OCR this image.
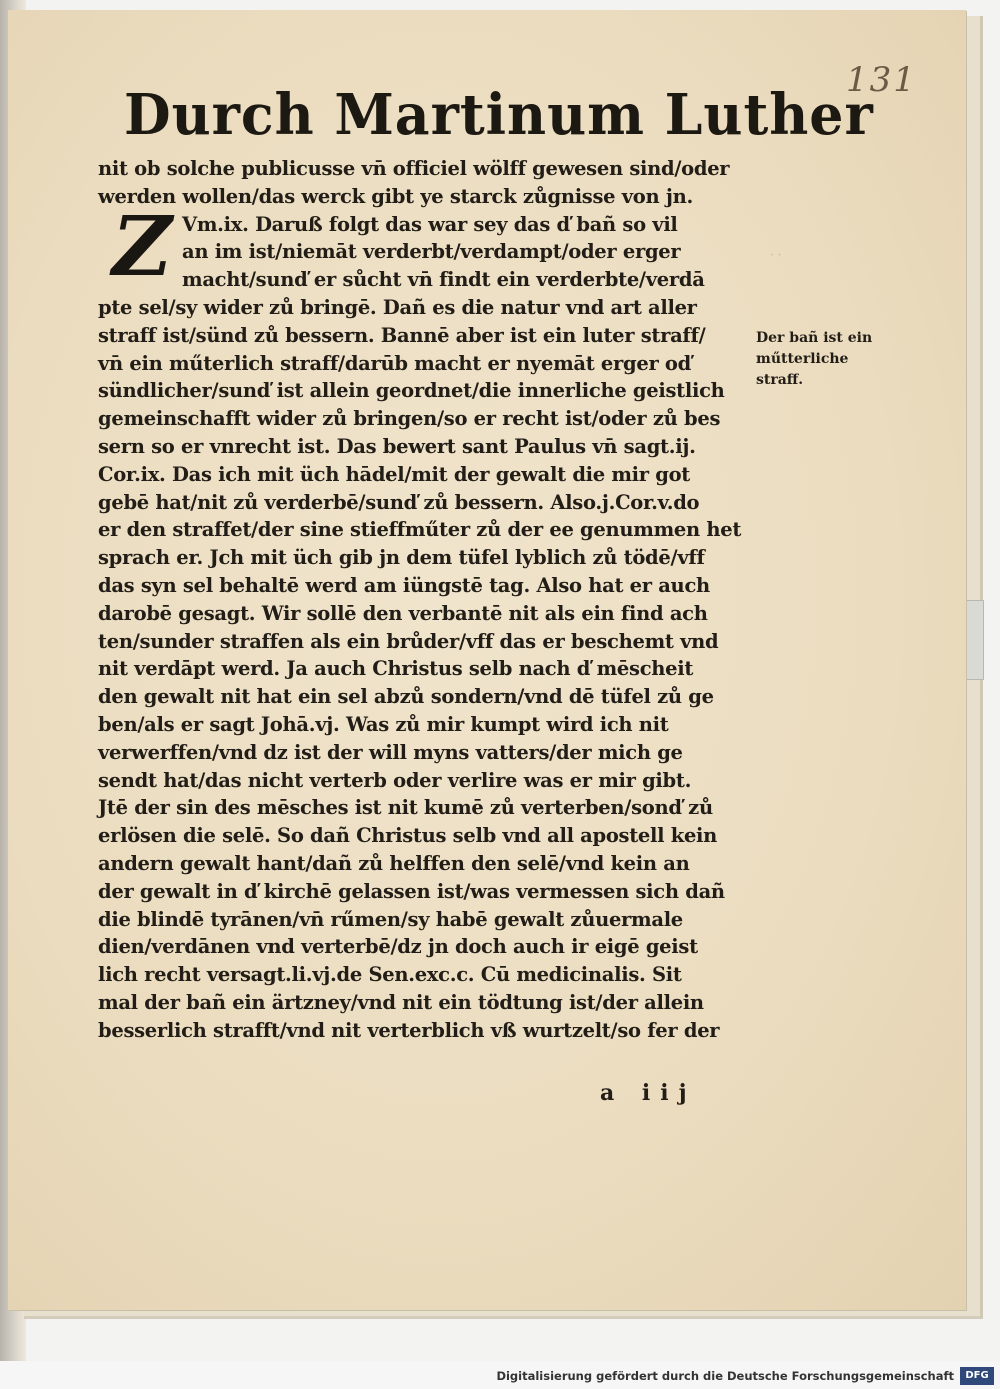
131
Durch Martinum Luther
· ·
nit ob solche publicusse vn̄ officiel wölff gewesen sind/oder
werden wollen/das werck gibt ye starck zůgnisse von jn.
Vm.ix. Daruß folgt das war sey das ď bañ so vil
an im ist/niemāt verderbt/verdampt/oder erger
macht/sunď er sůcht vn̄ findt ein verderbte/verdā
pte sel/sy wider zů bringē. Dañ es die natur vnd art aller
straff ist/sünd zů bessern. Bannē aber ist ein luter straff/
vn̄ ein műterlich straff/darūb macht er nyemāt erger oď
sündlicher/sunď ist allein geordnet/die innerliche geistlich
gemeinschafft wider zů bringen/so er recht ist/oder zů bes
sern so er vnrecht ist. Das bewert sant Paulus vn̄ sagt.ij.
Cor.ix. Das ich mit üch hādel/mit der gewalt die mir got
gebē hat/nit zů verderbē/sunď zů bessern. Also.j.Cor.v.do
er den straffet/der sine stieffműter zů der ee genummen het
sprach er. Jch mit üch gib jn dem tüfel lyblich zů tödē/vff
das syn sel behaltē werd am iüngstē tag. Also hat er auch
darobē gesagt. Wir sollē den verbantē nit als ein find ach
ten/sunder straffen als ein brůder/vff das er beschemt vnd
nit verdāpt werd. Ja auch Christus selb nach ď mēscheit
den gewalt nit hat ein sel abzů sondern/vnd dē tüfel zů ge
ben/als er sagt Johā.vj. Was zů mir kumpt wird ich nit
verwerffen/vnd dz ist der will myns vatters/der mich ge
sendt hat/das nicht verterb oder verlire was er mir gibt.
Jtē der sin des mēsches ist nit kumē zů verterben/sonď zů
erlösen die selē. So dañ Christus selb vnd all apostell kein
andern gewalt hant/dañ zů helffen den selē/vnd kein an
der gewalt in ď kirchē gelassen ist/was vermessen sich dañ
die blindē tyrānen/vn̄ rűmen/sy habē gewalt zůuermale
dien/verdānen vnd verterbē/dz jn doch auch ir eigē geist
lich recht versagt.li.vj.de Sen.exc.c. Cū medicinalis. Sit
mal der bañ ein ärtzney/vnd nit ein tödtung ist/der allein
besserlich strafft/vnd nit verterblich vß wurtzelt/so fer der
Z
Der bañ ist ein
műtterliche
straff.
a iij
Digitalisierung gefördert durch die Deutsche Forschungsgemeinschaft	DFG
